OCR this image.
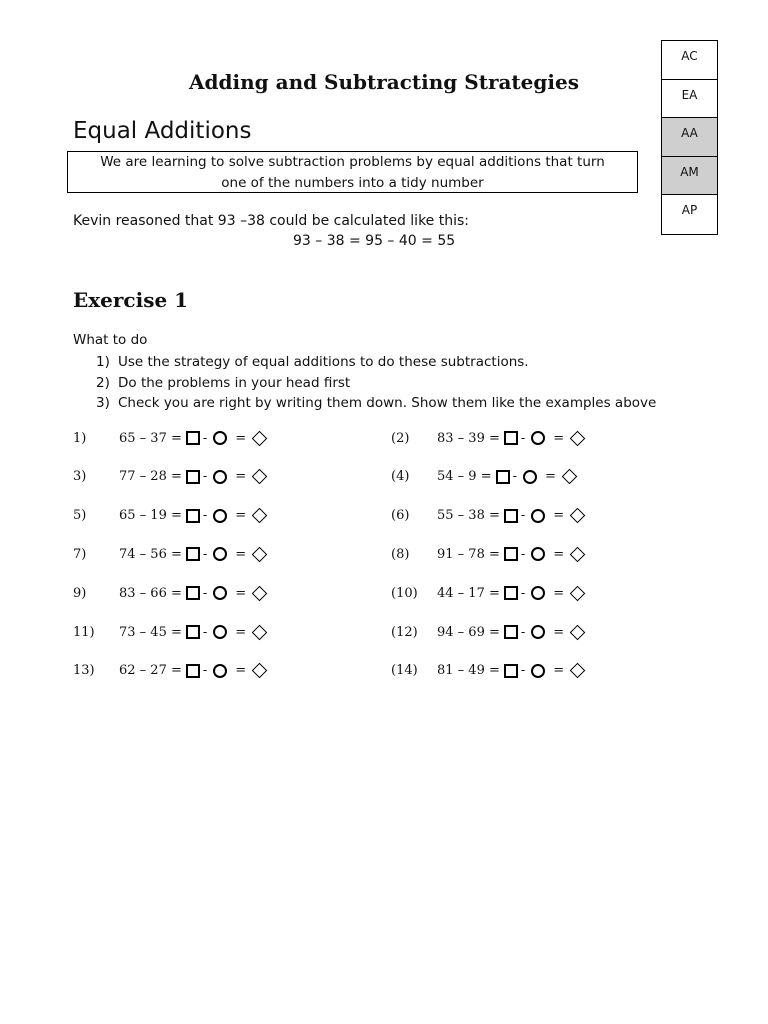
AC
EA
AA
AM
AP
Adding and Subtracting Strategies
Equal Additions
We are learning to solve subtraction problems by equal additions that turn
one of the numbers into a tidy number
Kevin reasoned that 93 –38 could be calculated like this:
93 – 38 = 95 – 40 = 55
Exercise 1
What to do
1) Use the strategy of equal additions to do these subtractions.
2) Do the problems in your head first
3) Check you are right by writing them down. Show them like the examples above
1)	65 – 37 = - =	(2)	83 – 39 = - =
3)	77 – 28 = - =	(4)	54 – 9 = - =
5)	65 – 19 = - =	(6)	55 – 38 = - =
7)	74 – 56 = - =	(8)	91 – 78 = - =
9)	83 – 66 = - =	(10)	44 – 17 = - =
11)	73 – 45 = - =	(12)	94 – 69 = - =
13)	62 – 27 = - =	(14)	81 – 49 = - =
